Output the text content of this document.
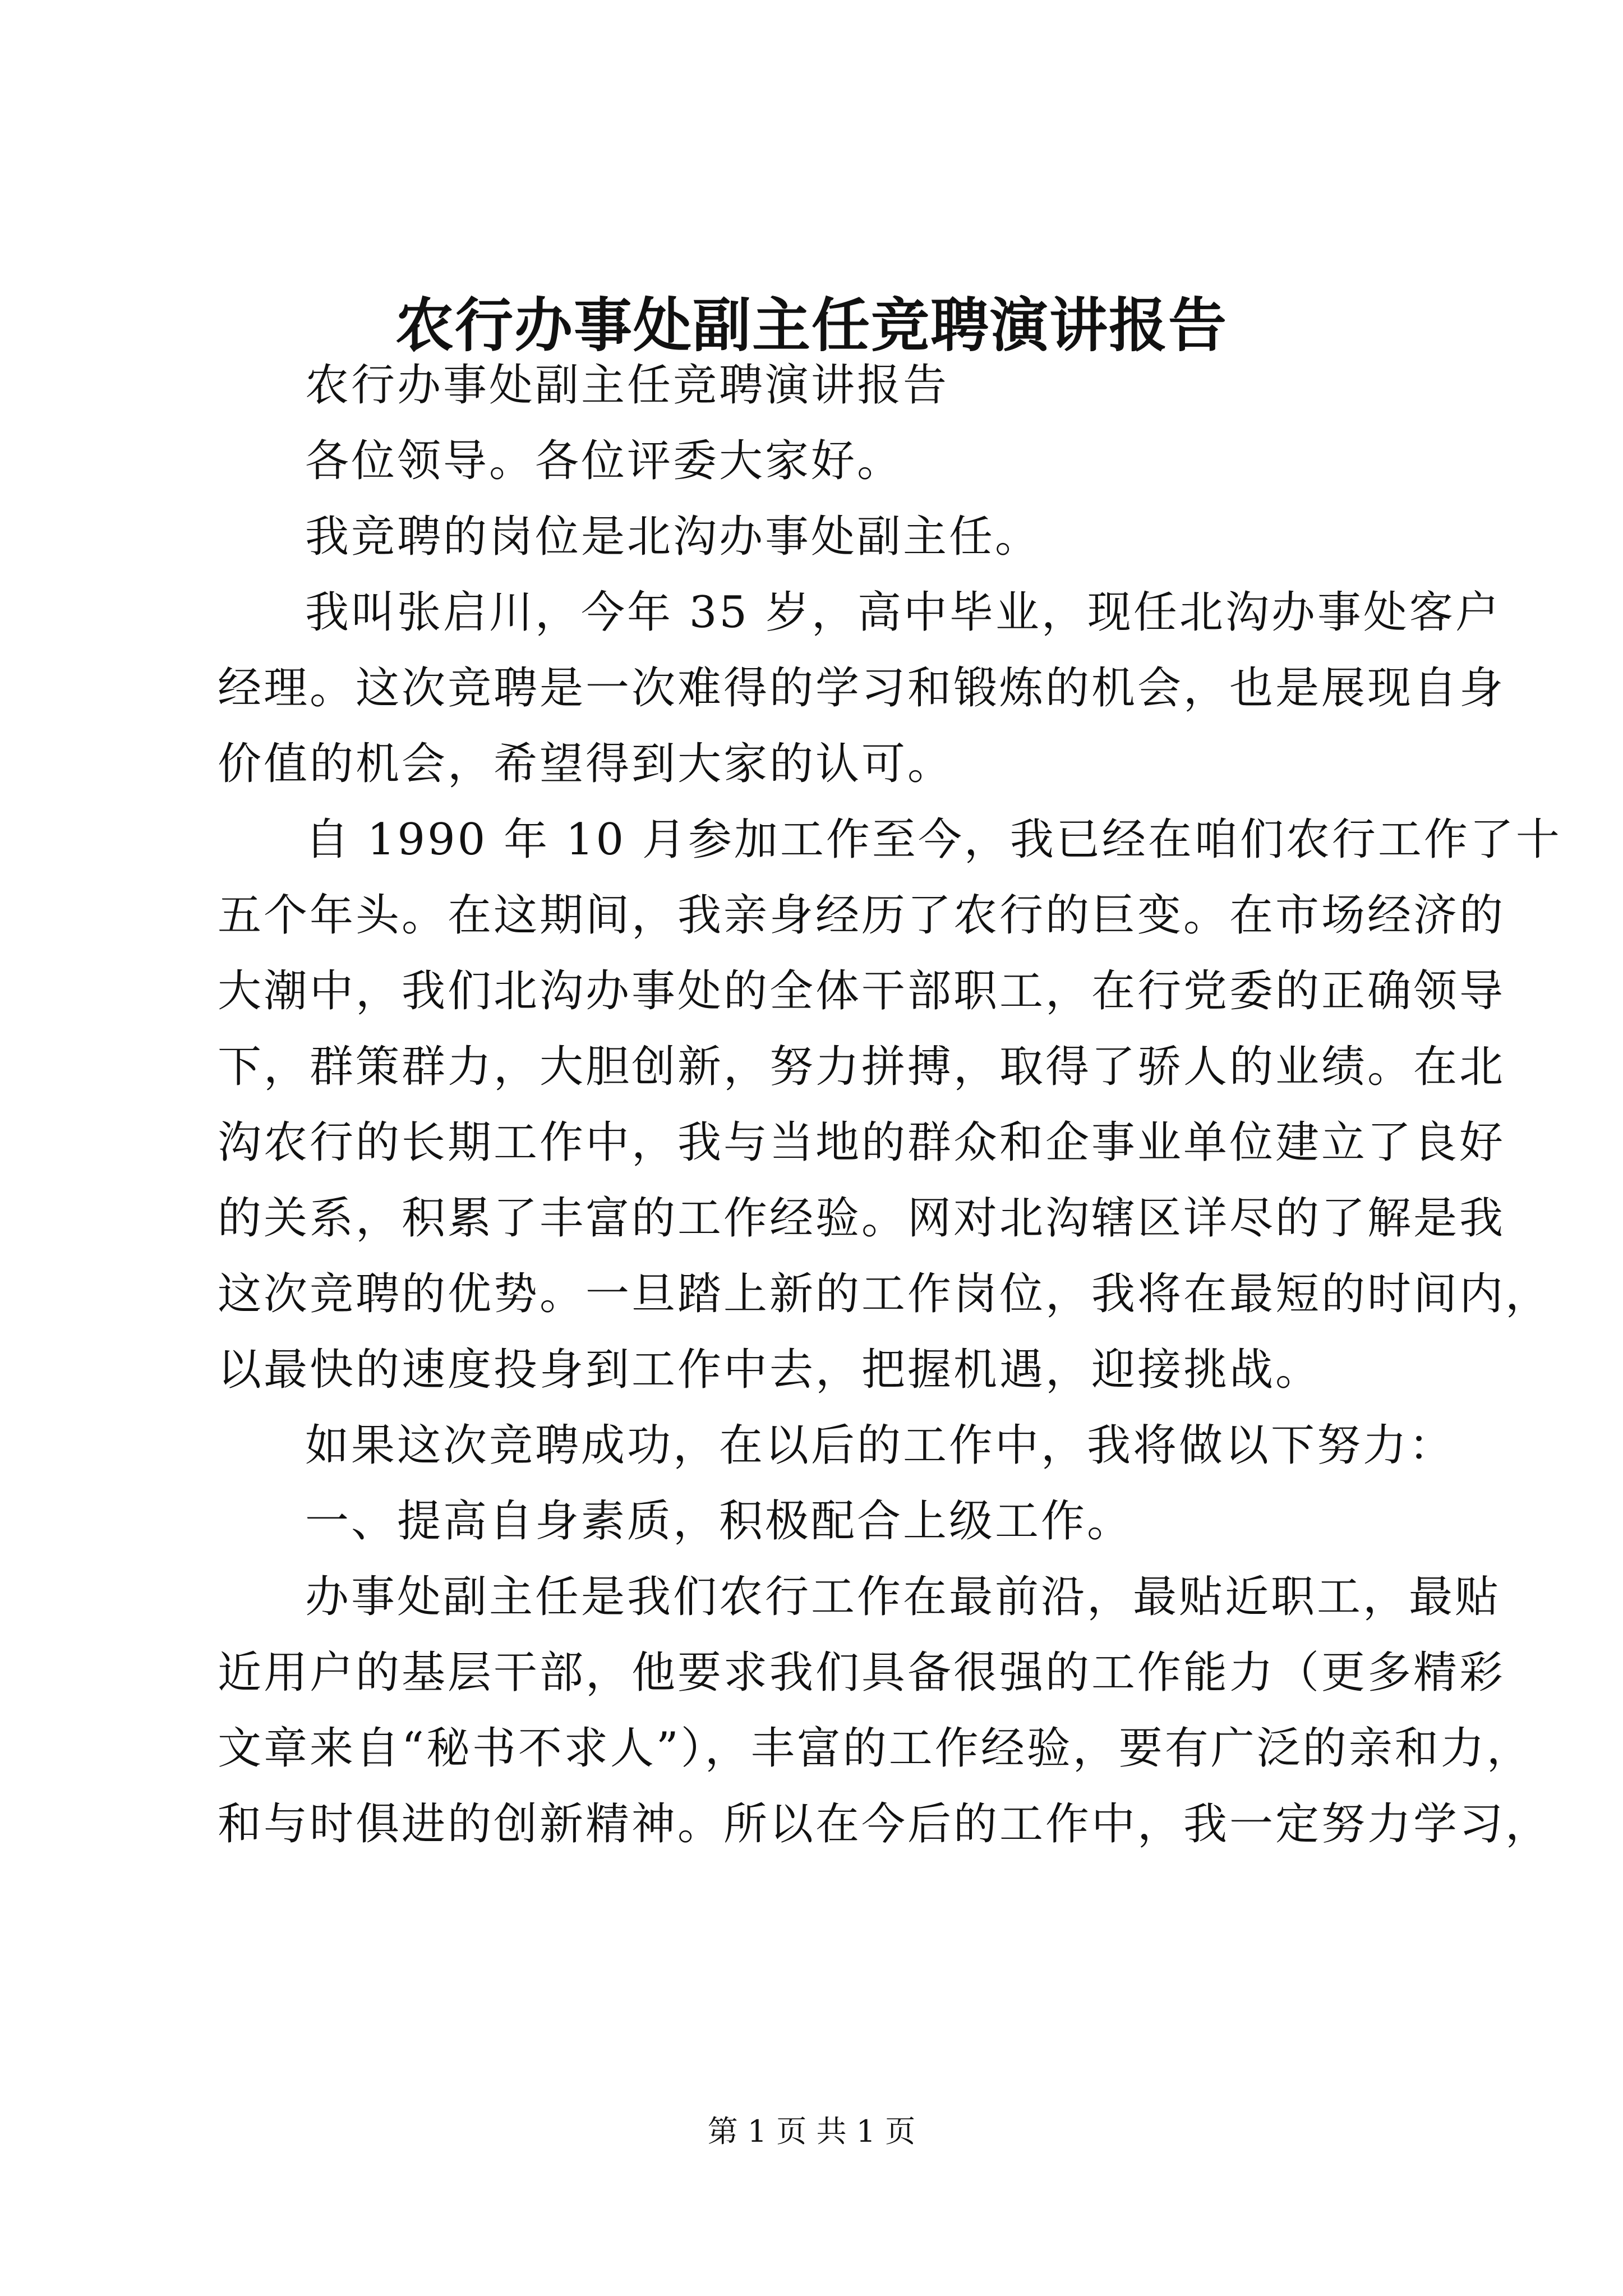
农行办事处副主任竞聘演讲报告
农行办事处副主任竞聘演讲报告
各位领导。各位评委大家好。
我竞聘的岗位是北沟办事处副主任。
我叫张启川，今年 35 岁，高中毕业，现任北沟办事处客户
经理。这次竞聘是一次难得的学习和锻炼的机会，也是展现自身
价值的机会，希望得到大家的认可。
自 1990 年 10 月参加工作至今，我已经在咱们农行工作了十
五个年头。在这期间，我亲身经历了农行的巨变。在市场经济的
大潮中，我们北沟办事处的全体干部职工，在行党委的正确领导
下，群策群力，大胆创新，努力拼搏，取得了骄人的业绩。在北
沟农行的长期工作中，我与当地的群众和企事业单位建立了良好
的关系，积累了丰富的工作经验。网对北沟辖区详尽的了解是我
这次竞聘的优势。一旦踏上新的工作岗位，我将在最短的时间内，
以最快的速度投身到工作中去，把握机遇，迎接挑战。
如果这次竞聘成功，在以后的工作中，我将做以下努力：
一、提高自身素质，积极配合上级工作。
办事处副主任是我们农行工作在最前沿，最贴近职工，最贴
近用户的基层干部，他要求我们具备很强的工作能力（更多精彩
文章来自“秘书不求人”），丰富的工作经验，要有广泛的亲和力，
和与时俱进的创新精神。所以在今后的工作中，我一定努力学习，
第 1 页 共 1 页
